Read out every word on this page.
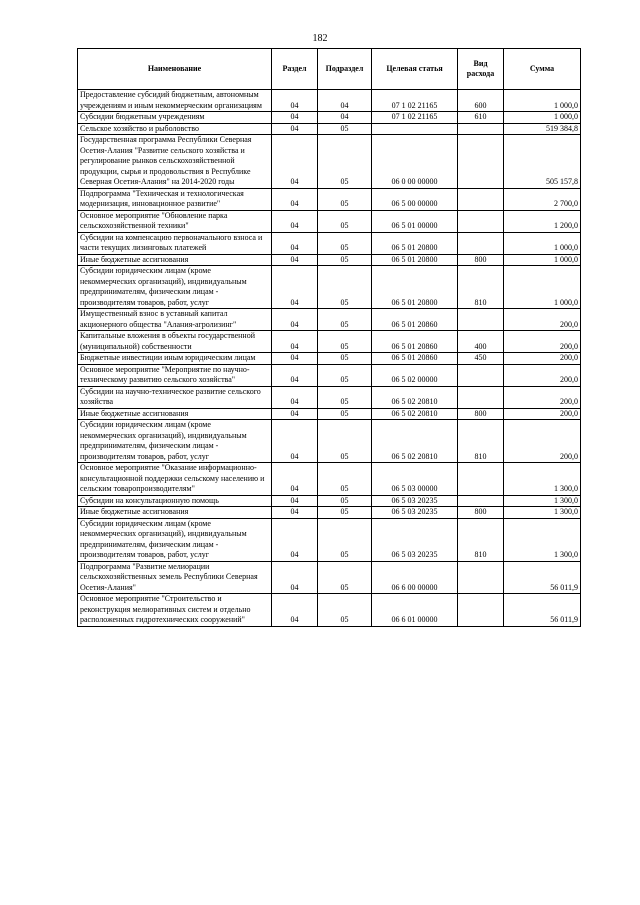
182
Наименование	Раздел	Подраздел	Целевая статья	Вид расхода	Сумма
Предоставление субсидий бюджетным, автономным учреждениям и иным некоммерческим организациям	04	04	07 1 02 21165	600	1 000,0
Субсидии бюджетным учреждениям	04	04	07 1 02 21165	610	1 000,0
Сельское хозяйство и рыболовство	04	05			519 384,8
Государственная программа Республики Северная Осетия-Алания "Развитие сельского хозяйства и регулирование рынков сельскохозяйственной продукции, сырья и продовольствия в Республике Северная Осетия-Алания" на 2014-2020 годы	04	05	06 0 00 00000		505 157,8
Подпрограмма "Техническая и технологическая модернизация, инновационное развитие"	04	05	06 5 00 00000		2 700,0
Основное мероприятие "Обновление парка сельскохозяйственной техники"	04	05	06 5 01 00000		1 200,0
Субсидии на компенсацию первоначального взноса и части текущих лизинговых платежей	04	05	06 5 01 20800		1 000,0
Иные бюджетные ассигнования	04	05	06 5 01 20800	800	1 000,0
Субсидии юридическим лицам (кроме некоммерческих организаций), индивидуальным предпринимателям, физическим лицам - производителям товаров, работ, услуг	04	05	06 5 01 20800	810	1 000,0
Имущественный взнос в уставный капитал акционерного общества "Алания-агролизинг"	04	05	06 5 01 20860		200,0
Капитальные вложения в объекты государственной (муниципальной) собственности	04	05	06 5 01 20860	400	200,0
Бюджетные инвестиции иным юридическим лицам	04	05	06 5 01 20860	450	200,0
Основное мероприятие "Мероприятие по научно-техническому развитию сельского хозяйства"	04	05	06 5 02 00000		200,0
Субсидии на научно-техническое развитие сельского хозяйства	04	05	06 5 02 20810		200,0
Иные бюджетные ассигнования	04	05	06 5 02 20810	800	200,0
Субсидии юридическим лицам (кроме некоммерческих организаций), индивидуальным предпринимателям, физическим лицам - производителям товаров, работ, услуг	04	05	06 5 02 20810	810	200,0
Основное мероприятие "Оказание информационно-консультационной поддержки сельскому населению и сельским товаропроизводителям"	04	05	06 5 03 00000		1 300,0
Субсидии на консультационную помощь	04	05	06 5 03 20235		1 300,0
Иные бюджетные ассигнования	04	05	06 5 03 20235	800	1 300,0
Субсидии юридическим лицам (кроме некоммерческих организаций), индивидуальным предпринимателям, физическим лицам - производителям товаров, работ, услуг	04	05	06 5 03 20235	810	1 300,0
Подпрограмма "Развитие мелиорации сельскохозяйственных земель Республики Северная Осетия-Алания"	04	05	06 6 00 00000		56 011,9
Основное мероприятие "Строительство и реконструкция мелиоративных систем и отдельно расположенных гидротехнических сооружений"	04	05	06 6 01 00000		56 011,9
